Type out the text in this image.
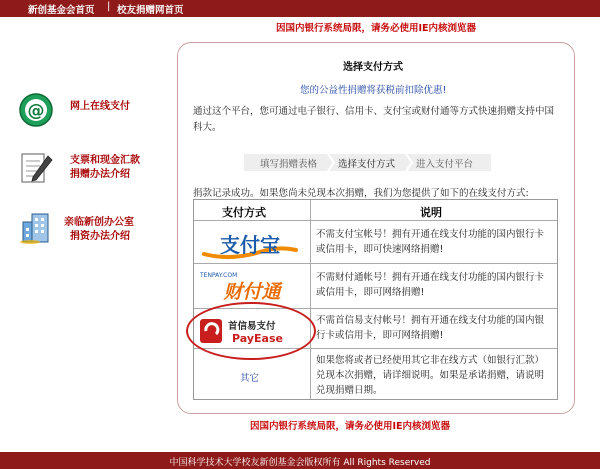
新创基金会首页 | 校友捐赠网首页
因国内银行系统局限，请务必使用IE内核浏览器
@	网上在线支付
支票和现金汇款
捐赠办法介绍
亲临新创办公室
捐资办法介绍
选择支付方式
您的公益性捐赠将获税前扣除优惠!
通过这个平台，您可通过电子银行、信用卡、支付宝或财付通等方式快速捐赠支持中国科大。
填写捐赠表格 选择支付方式 进入支付平台
捐款记录成功。如果您尚未兑现本次捐赠，我们为您提供了如下的在线支付方式:
支付方式	说明
不需支付宝帐号！拥有开通在线支付功能的国内银行卡或信用卡，即可快速网络捐赠!
不需财付通帐号！拥有开通在线支付功能的国内银行卡或信用卡，即可网络捐赠!
不需首信易支付帐号！拥有开通在线支付功能的国内银行卡或信用卡，即可网络捐赠!
如果您将或者已经使用其它非在线方式（如银行汇款）兑现本次捐赠，请详细说明。如果是承诺捐赠，请说明兑现捐赠日期。
其它
支付宝
TENPAY.COM
财付通
首信易支付
PayEase
因国内银行系统局限，请务必使用IE内核浏览器
中国科学技术大学校友新创基金会版权所有 All Rights Reserved
